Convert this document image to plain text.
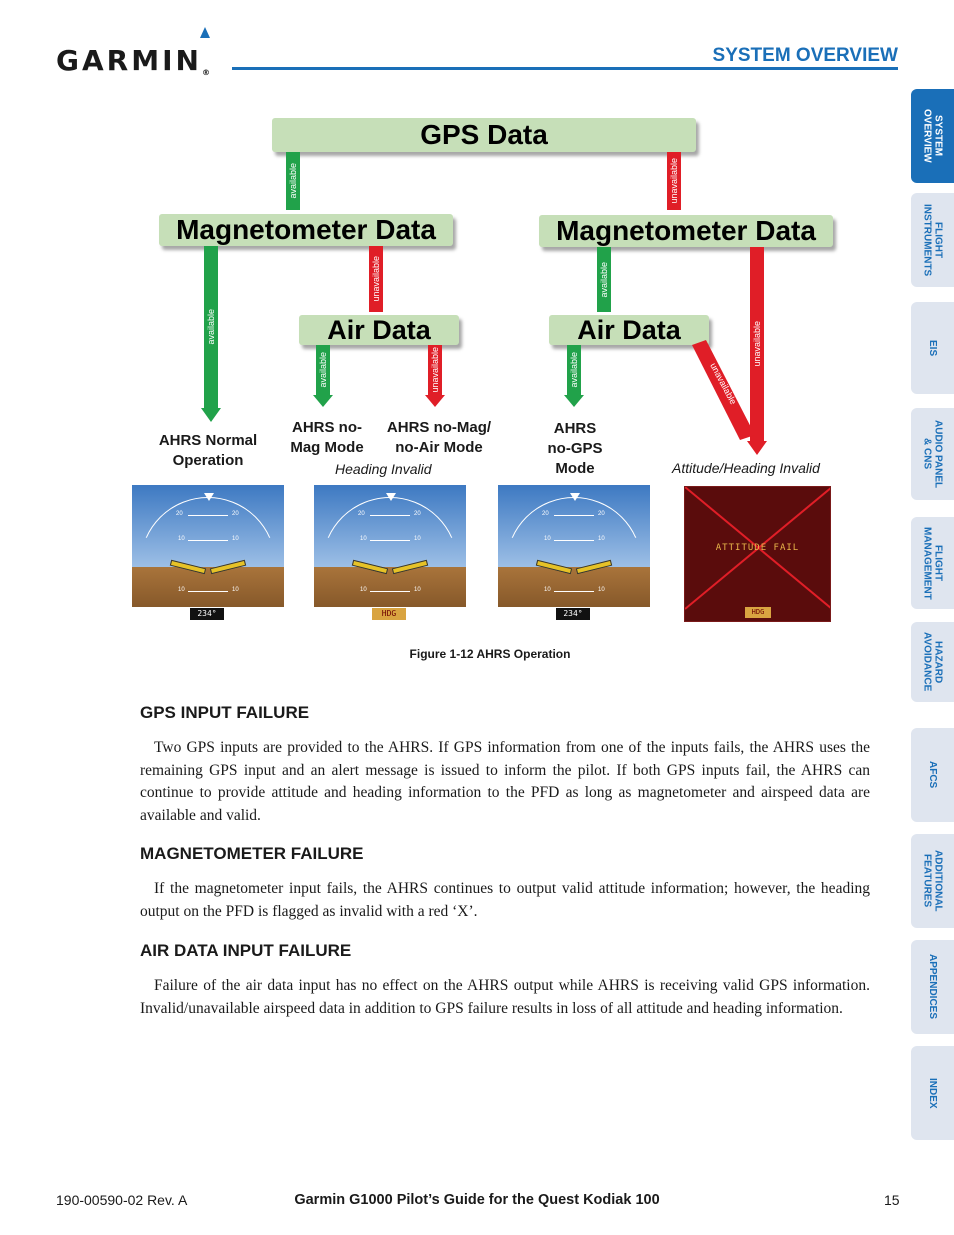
GARMIN®
SYSTEM OVERVIEW
SYSTEM
OVERVIEW
FLIGHT
INSTRUMENTS
EIS
AUDIO PANEL
& CNS
FLIGHT
MANAGEMENT
HAZARD
AVOIDANCE
AFCS
ADDITIONAL
FEATURES
APPENDICES
INDEX
GPS Data
Magnetometer Data	Magnetometer Data
Air Data	Air Data
available	unavailable
available
unavailable	available
unavailable
available	unavailable	available	unavailable
AHRS Normal
Operation
AHRS no-
Mag Mode
AHRS no-Mag/
no-Air Mode
AHRS
no-GPS
Mode
Heading Invalid	Attitude/Heading Invalid
20	20
10	10
10	10
234°
20	20
10	10
10	10
HDG
20	20
10	10
10	10
234°
ATTITUDE FAIL
HDG
Figure 1-12 AHRS Operation
GPS INPUT FAILURE
Two GPS inputs are provided to the AHRS. If GPS information from one of the inputs fails, the AHRS uses the remaining GPS input and an alert message is issued to inform the pilot. If both GPS inputs fail, the AHRS can continue to provide attitude and heading information to the PFD as long as magnetometer and airspeed data are available and valid.
MAGNETOMETER FAILURE
If the magnetometer input fails, the AHRS continues to output valid attitude information; however, the heading output on the PFD is flagged as invalid with a red ‘X’.
AIR DATA INPUT FAILURE
Failure of the air data input has no effect on the AHRS output while AHRS is receiving valid GPS information. Invalid/unavailable airspeed data in addition to GPS failure results in loss of all attitude and heading information.
190-00590-02 Rev. A	Garmin G1000 Pilot’s Guide for the Quest Kodiak 100	15
